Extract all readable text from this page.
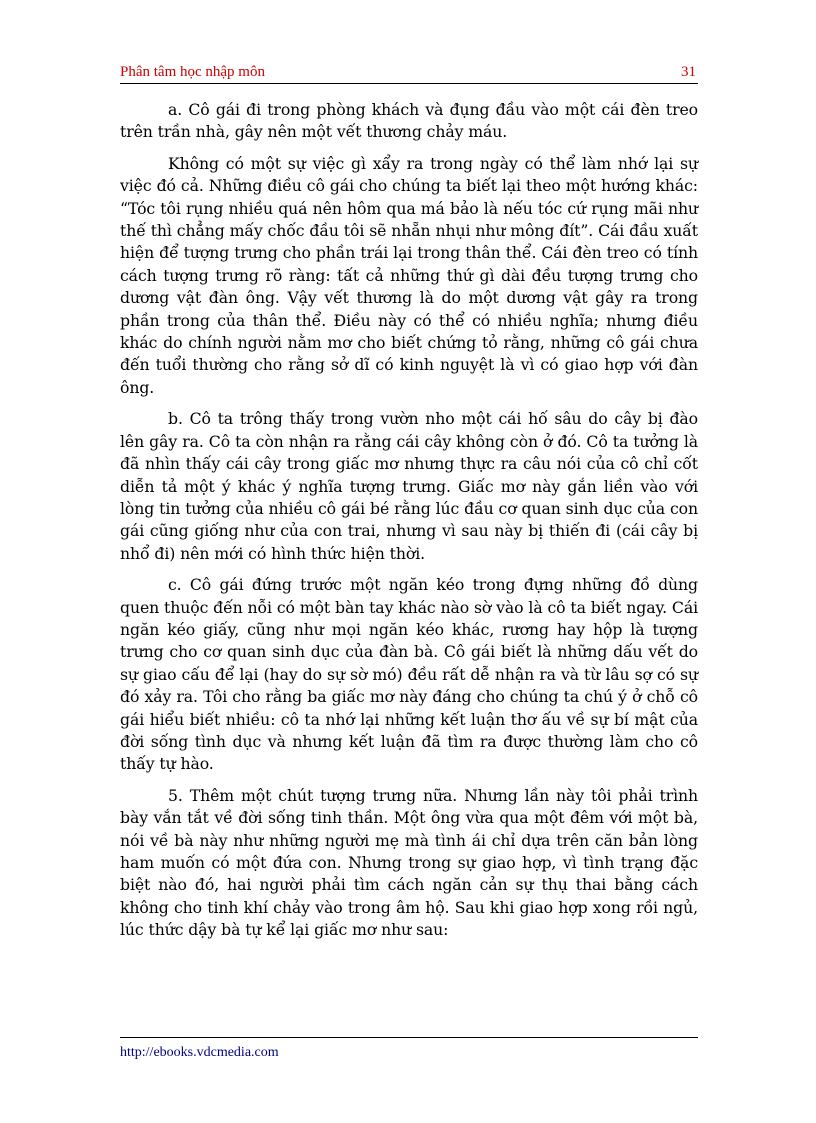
Phân tâm học nhập môn	31

a. Cô gái đi trong phòng khách và đụng đầu vào một cái đèn treo trên trần nhà, gây nên một vết thương chảy máu.

Không có một sự việc gì xẩy ra trong ngày có thể làm nhớ lại sự việc đó cả. Những điều cô gái cho chúng ta biết lại theo một hướng khác: “Tóc tôi rụng nhiều quá nên hôm qua má bảo là nếu tóc cứ rụng mãi như thế thì chẳng mấy chốc đầu tôi sẽ nhẵn nhụi như mông đít”. Cái đầu xuất hiện để tượng trưng cho phần trái lại trong thân thể. Cái đèn treo có tính cách tượng trưng rõ ràng: tất cả những thứ gì dài đều tượng trưng cho dương vật đàn ông. Vậy vết thương là do một dương vật gây ra trong phần trong của thân thể. Điều này có thể có nhiều nghĩa; nhưng điều khác do chính người nằm mơ cho biết chứng tỏ rằng, những cô gái chưa đến tuổi thường cho rằng sở dĩ có kinh nguyệt là vì có giao hợp với đàn ông.

b. Cô ta trông thấy trong vườn nho một cái hố sâu do cây bị đào lên gây ra. Cô ta còn nhận ra rằng cái cây không còn ở đó. Cô ta tưởng là đã nhìn thấy cái cây trong giấc mơ nhưng thực ra câu nói của cô chỉ cốt diễn tả một ý khác ý nghĩa tượng trưng. Giấc mơ này gắn liền vào với lòng tin tưởng của nhiều cô gái bé rằng lúc đầu cơ quan sinh dục của con gái cũng giống như của con trai, nhưng vì sau này bị thiến đi (cái cây bị nhổ đi) nên mới có hình thức hiện thời.

c. Cô gái đứng trước một ngăn kéo trong đựng những đồ dùng quen thuộc đến nỗi có một bàn tay khác nào sờ vào là cô ta biết ngay. Cái ngăn kéo giấy, cũng như mọi ngăn kéo khác, rương hay hộp là tượng trưng cho cơ quan sinh dục của đàn bà. Cô gái biết là những dấu vết do sự giao cấu để lại (hay do sự sờ mó) đều rất dễ nhận ra và từ lâu sợ có sự đó xảy ra. Tôi cho rằng ba giấc mơ này đáng cho chúng ta chú ý ở chỗ cô gái hiểu biết nhiều: cô ta nhớ lại những kết luận thơ ấu về sự bí mật của đời sống tình dục và nhưng kết luận đã tìm ra được thường làm cho cô thấy tự hào.

5. Thêm một chút tượng trưng nữa. Nhưng lần này tôi phải trình bày vắn tắt về đời sống tinh thần. Một ông vừa qua một đêm với một bà, nói về bà này như những người mẹ mà tình ái chỉ dựa trên căn bản lòng ham muốn có một đứa con. Nhưng trong sự giao hợp, vì tình trạng đặc biệt nào đó, hai người phải tìm cách ngăn cản sự thụ thai bằng cách không cho tinh khí chảy vào trong âm hộ. Sau khi giao hợp xong rồi ngủ, lúc thức dậy bà tự kể lại giấc mơ như sau:

http://ebooks.vdcmedia.com
